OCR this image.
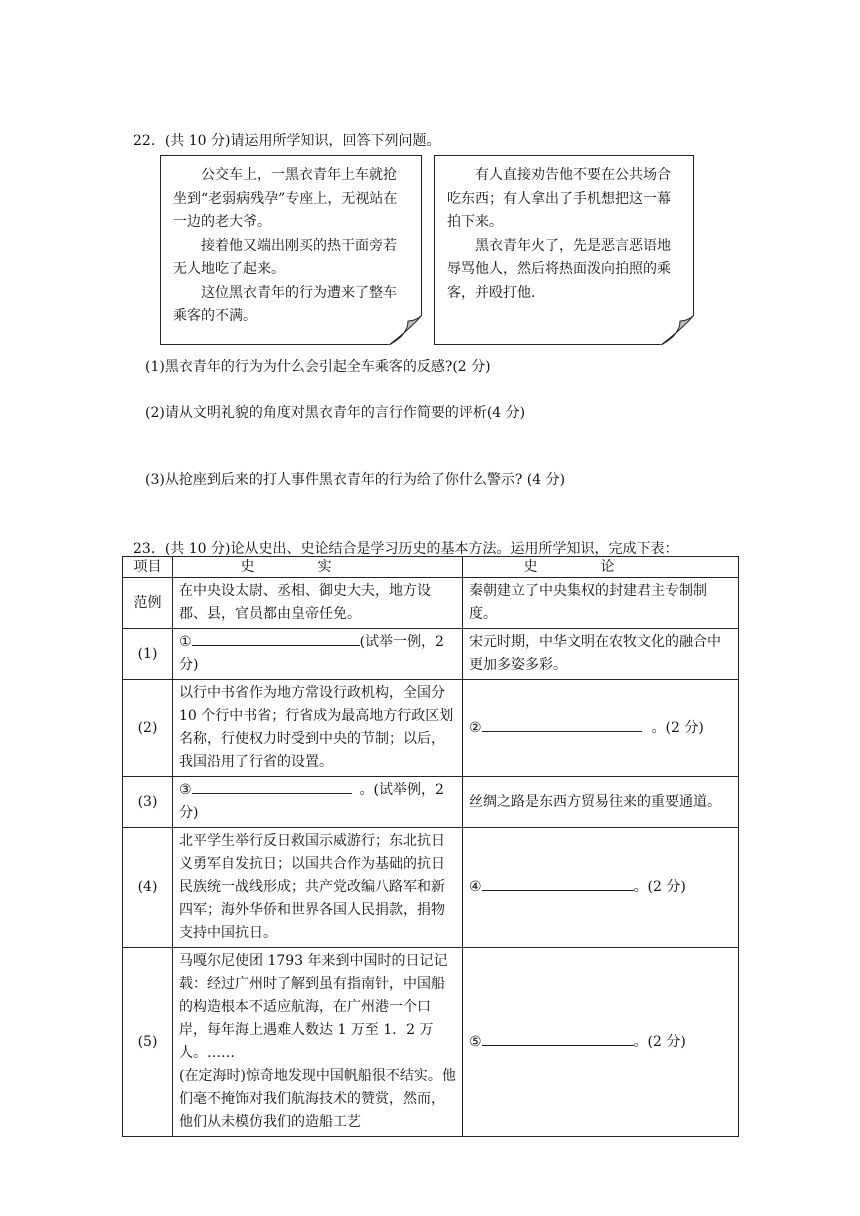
22．(共 10 分)请运用所学知识，回答下列问题。

公交车上，一黑衣青年上车就抢坐到“老弱病残孕”专座上，无视站在一边的老大爷。

接着他又端出刚买的热干面旁若无人地吃了起来。

这位黑衣青年的行为遭来了整车乘客的不满。

有人直接劝告他不要在公共场合吃东西；有人拿出了手机想把这一幕拍下来。

黑衣青年火了，先是恶言恶语地辱骂他人，然后将热面泼向拍照的乘客，并殴打他.

(1)黑衣青年的行为为什么会引起全车乘客的反感?(2 分)
(2)请从文明礼貌的角度对黑衣青年的言行作简要的评析(4 分)
(3)从抢座到后来的打人事件黑衣青年的行为给了你什么警示? (4 分)
23．(共 10 分)论从史出、史论结合是学习历史的基本方法。运用所学知识，完成下表：
项目	史实	史论
范例	在中央设太尉、丞相、御史大夫，地方设郡、县，官员都由皇帝任免。	秦朝建立了中央集权的封建君主专制制度。
(1)	① (试举一例，2分)	宋元时期，中华文明在农牧文化的融合中更加多姿多彩。
(2)	以行中书省作为地方常设行政机构，全国分 10 个行中书省；行省成为最高地方行政区划名称，行使权力时受到中央的节制；以后，我国沿用了行省的设置。	② 。(2 分)
(3)	③ 。(试举例，2分)	丝绸之路是东西方贸易往来的重要通道。
(4)	北平学生举行反日救国示威游行；东北抗日义勇军自发抗日；以国共合作为基础的抗日民族统一战线形成；共产党改编八路军和新四军；海外华侨和世界各国人民捐款，捐物支持中国抗日。	④ 。(2 分)
(5)	马嘎尔尼使团 1793 年来到中国时的日记记载：经过广州时了解到虽有指南针，中国船的构造根本不适应航海，在广州港一个口岸，每年海上遇难人数达 1 万至 1．2 万人。……
(在定海时)惊奇地发现中国帆船很不结实。他们毫不掩饰对我们航海技术的赞赏，然而，他们从未模仿我们的造船工艺	⑤ 。(2 分)
